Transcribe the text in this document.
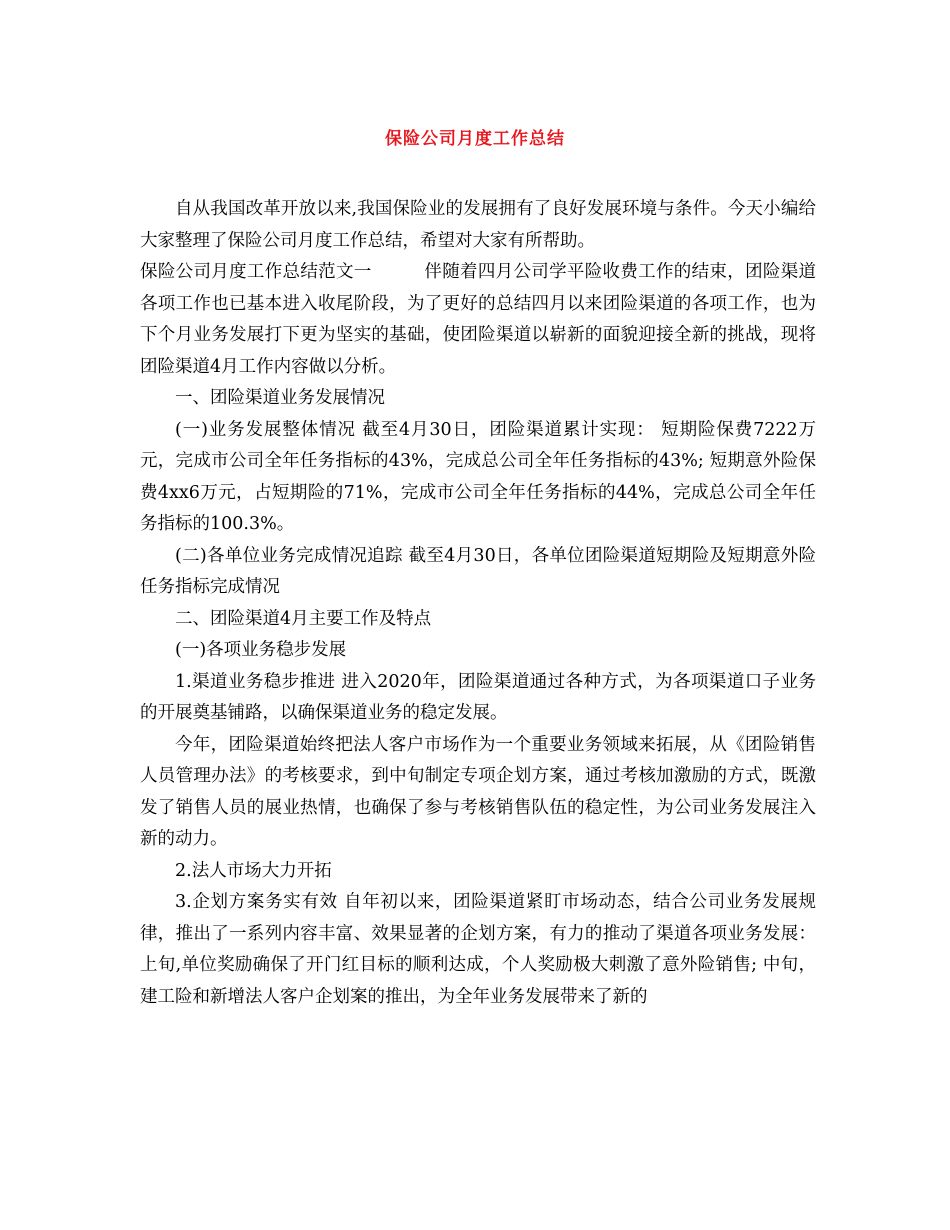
保险公司月度工作总结

自从我国改革开放以来,我国保险业的发展拥有了良好发展环境与条件。今天小编给大家整理了保险公司月度工作总结，希望对大家有所帮助。

保险公司月度工作总结范文一	伴随着四月公司学平险收费工作的结束，团险渠道各项工作也已基本进入收尾阶段，为了更好的总结四月以来团险渠道的各项工作，也为下个月业务发展打下更为坚实的基础，使团险渠道以崭新的面貌迎接全新的挑战，现将团险渠道4月工作内容做以分析。

一、团险渠道业务发展情况

(一)业务发展整体情况 截至4月30日，团险渠道累计实现： 短期险保费7222万元，完成市公司全年任务指标的43%，完成总公司全年任务指标的43%; 短期意外险保费4xx6万元，占短期险的71%，完成市公司全年任务指标的44%，完成总公司全年任务指标的100.3%。

(二)各单位业务完成情况追踪 截至4月30日，各单位团险渠道短期险及短期意外险任务指标完成情况

二、团险渠道4月主要工作及特点

(一)各项业务稳步发展

1.渠道业务稳步推进 进入2020年，团险渠道通过各种方式，为各项渠道口子业务的开展奠基铺路，以确保渠道业务的稳定发展。

今年，团险渠道始终把法人客户市场作为一个重要业务领域来拓展，从《团险销售人员管理办法》的考核要求，到中旬制定专项企划方案，通过考核加激励的方式，既激发了销售人员的展业热情，也确保了参与考核销售队伍的稳定性，为公司业务发展注入新的动力。

2.法人市场大力开拓

3.企划方案务实有效 自年初以来，团险渠道紧盯市场动态，结合公司业务发展规律，推出了一系列内容丰富、效果显著的企划方案，有力的推动了渠道各项业务发展：上旬,单位奖励确保了开门红目标的顺利达成，个人奖励极大刺激了意外险销售; 中旬，建工险和新增法人客户企划案的推出，为全年业务发展带来了新的
